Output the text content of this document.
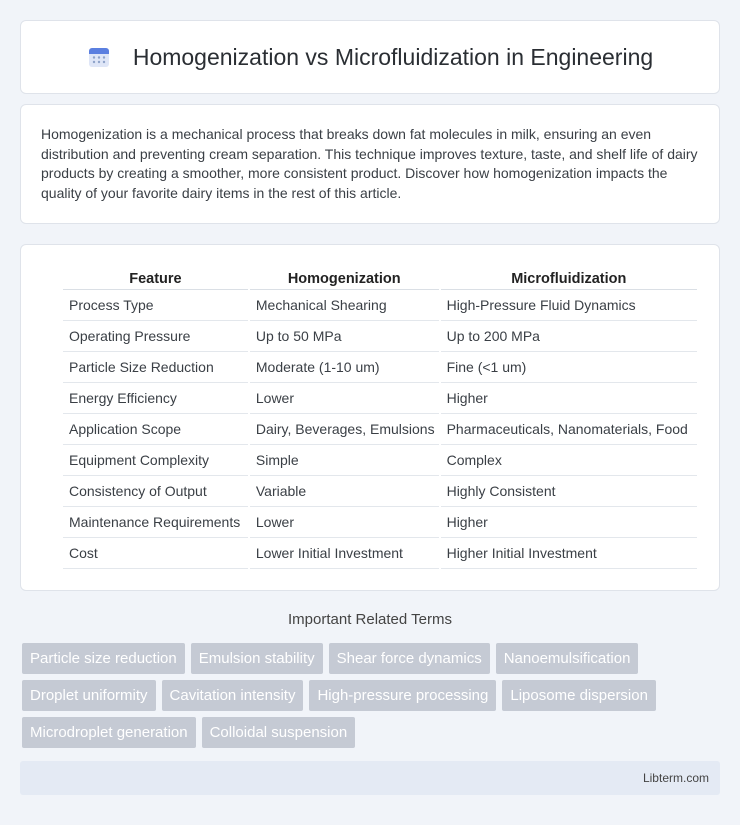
Homogenization vs Microfluidization in Engineering

Homogenization is a mechanical process that breaks down fat molecules in milk, ensuring an even distribution and preventing cream separation. This technique improves texture, taste, and shelf life of dairy products by creating a smoother, more consistent product. Discover how homogenization impacts the quality of your favorite dairy items in the rest of this article.

Feature	Homogenization	Microfluidization
Process Type	Mechanical Shearing	High-Pressure Fluid Dynamics
Operating Pressure	Up to 50 MPa	Up to 200 MPa
Particle Size Reduction	Moderate (1-10 um)	Fine (<1 um)
Energy Efficiency	Lower	Higher
Application Scope	Dairy, Beverages, Emulsions	Pharmaceuticals, Nanomaterials, Food
Equipment Complexity	Simple	Complex
Consistency of Output	Variable	Highly Consistent
Maintenance Requirements	Lower	Higher
Cost	Lower Initial Investment	Higher Initial Investment
Important Related Terms
Particle size reduction	Emulsion stability	Shear force dynamics	Nanoemulsification
Droplet uniformity	Cavitation intensity	High-pressure processing	Liposome dispersion
Microdroplet generation	Colloidal suspension
Libterm.com
